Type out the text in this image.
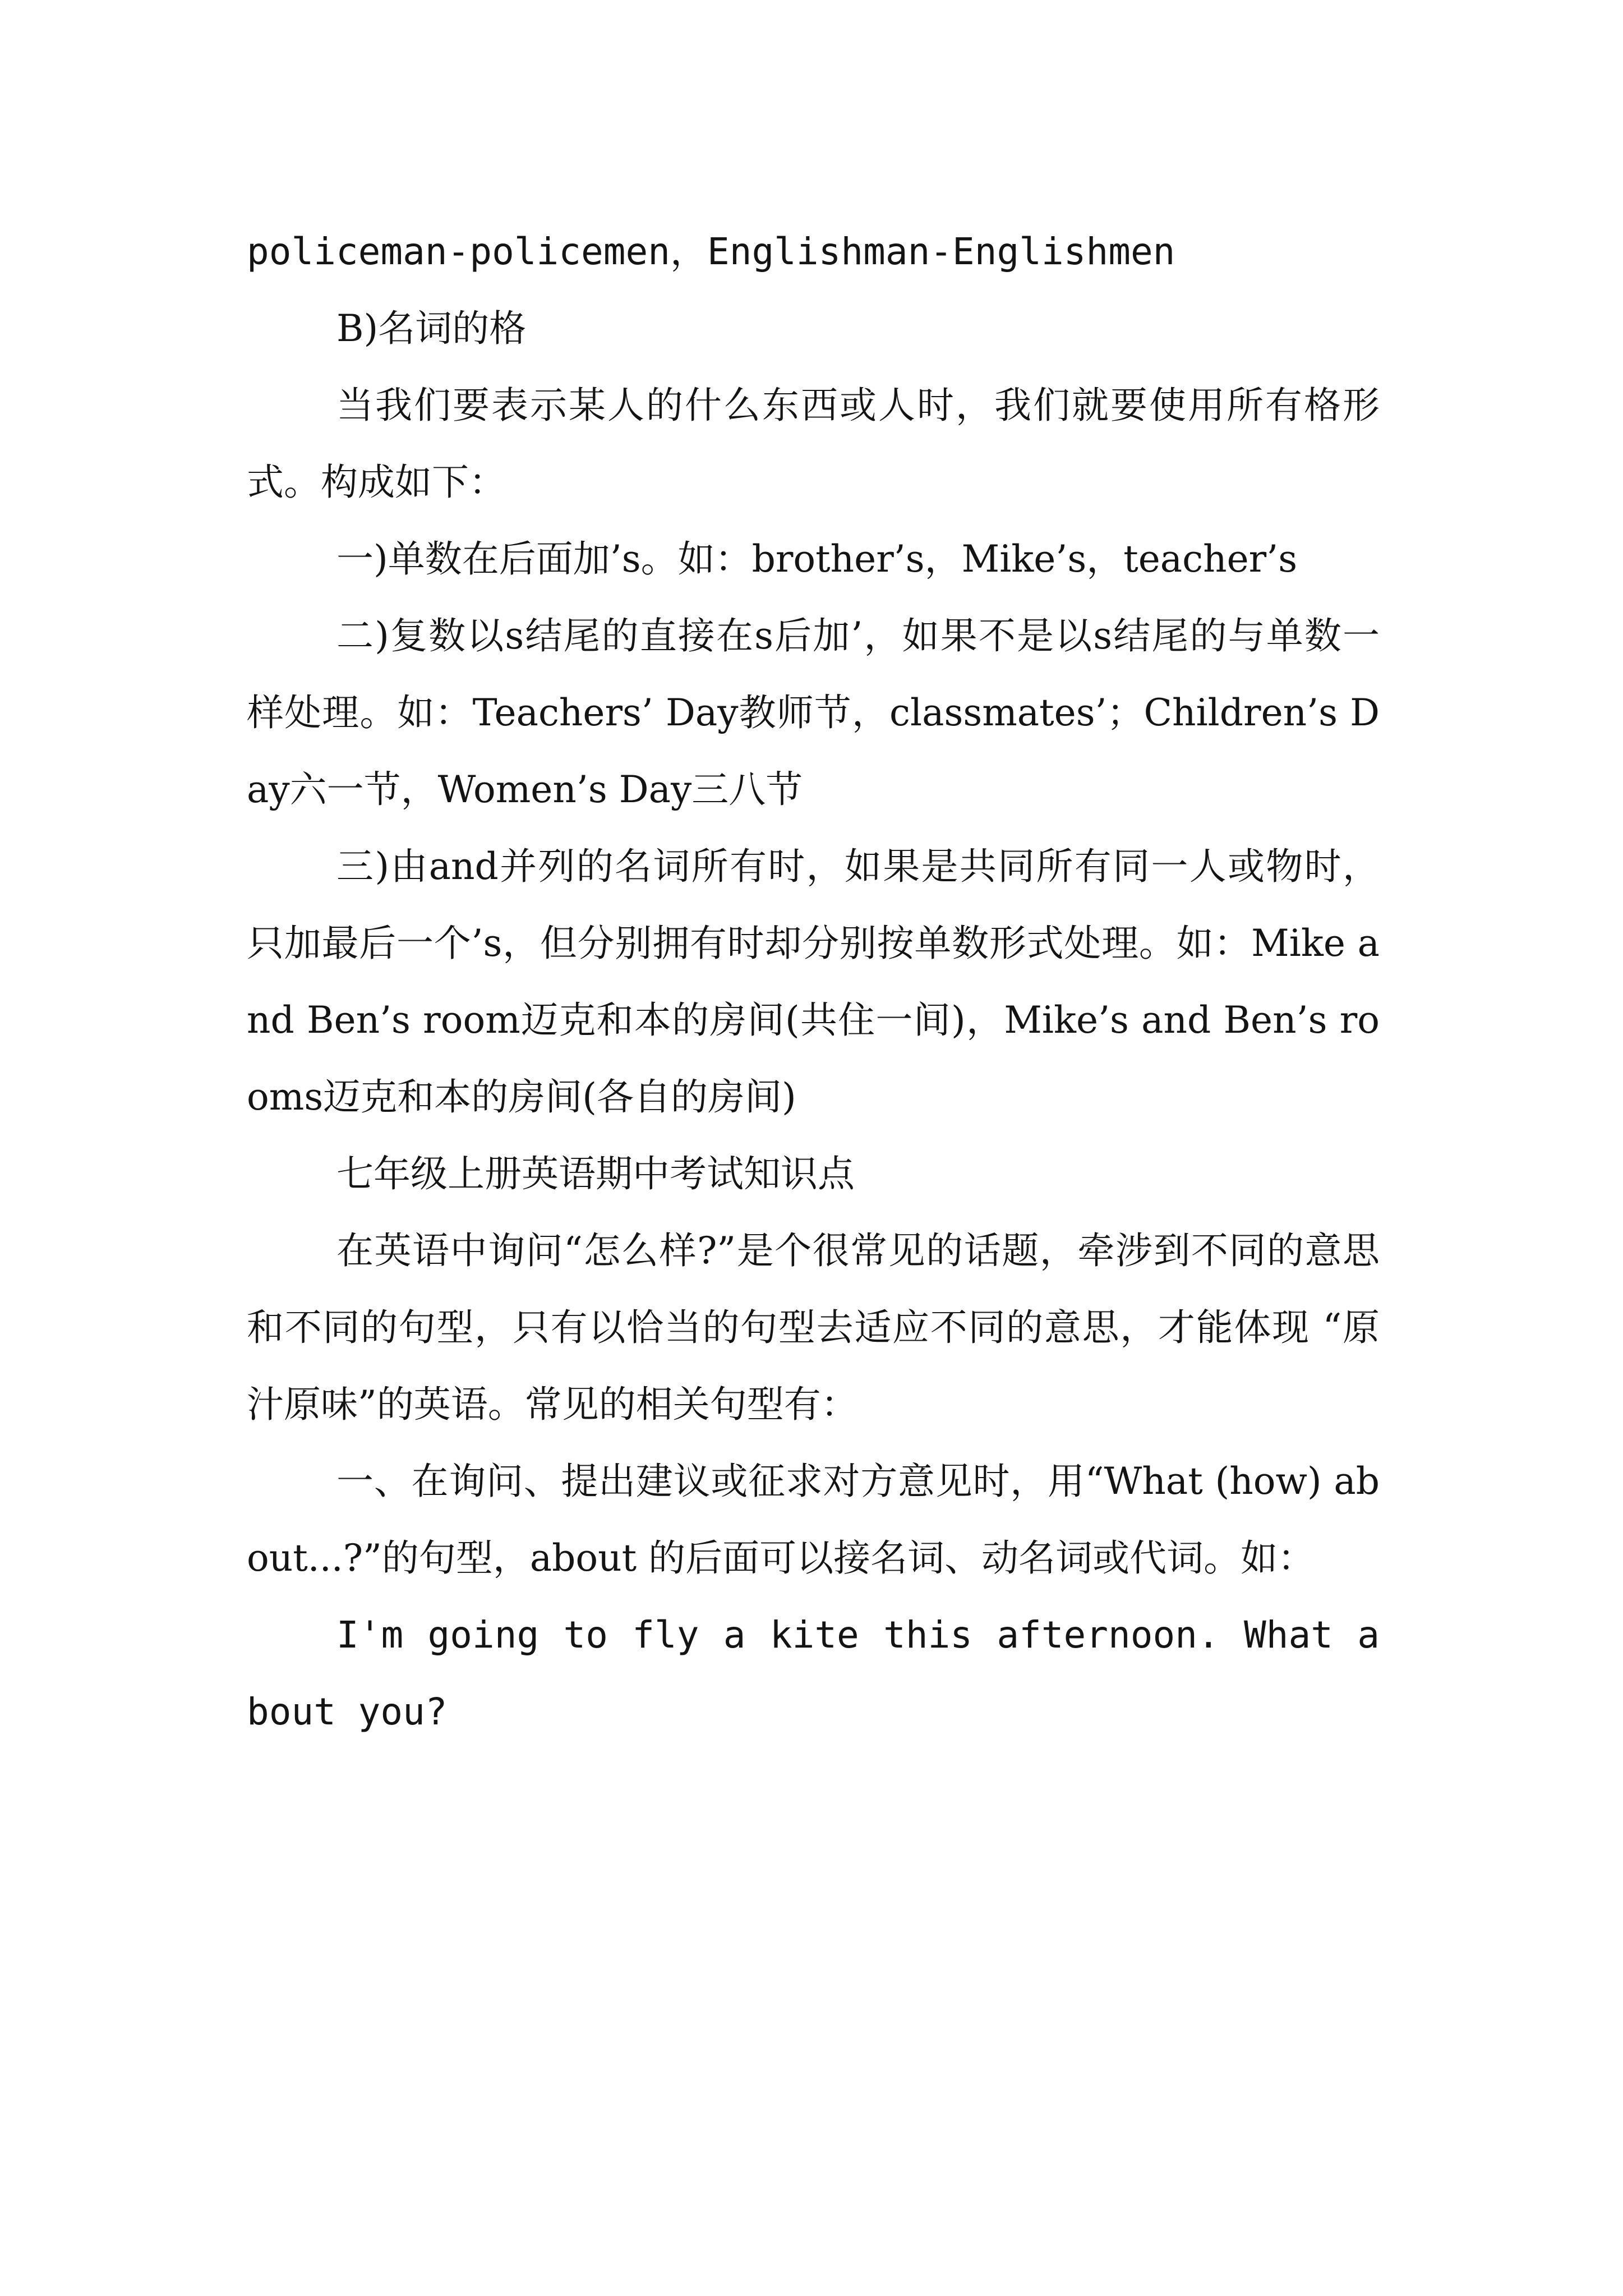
policeman-policemen，Englishman-Englishmen

B)名词的格

当我们要表示某人的什么东西或人时，我们就要使用所有格形式。构成如下：

一)单数在后面加’s。如：brother’s，Mike’s，teacher’s

二)复数以s结尾的直接在s后加’，如果不是以s结尾的与单数一样处理。如：Teachers’ Day教师节，classmates’；Children’s Day六一节，Women’s Day三八节

三)由and并列的名词所有时，如果是共同所有同一人或物时，只加最后一个’s，但分别拥有时却分别按单数形式处理。如：Mike and Ben’s room迈克和本的房间(共住一间)，Mike’s and Ben’s rooms迈克和本的房间(各自的房间)

七年级上册英语期中考试知识点

在英语中询问“怎么样?”是个很常见的话题，牵涉到不同的意思和不同的句型，只有以恰当的句型去适应不同的意思，才能体现 “原汁原味”的英语。常见的相关句型有：

一、在询问、提出建议或征求对方意见时，用“What (how) about...?”的句型，about 的后面可以接名词、动名词或代词。如：

I'm going to fly a kite this afternoon. What about you?
